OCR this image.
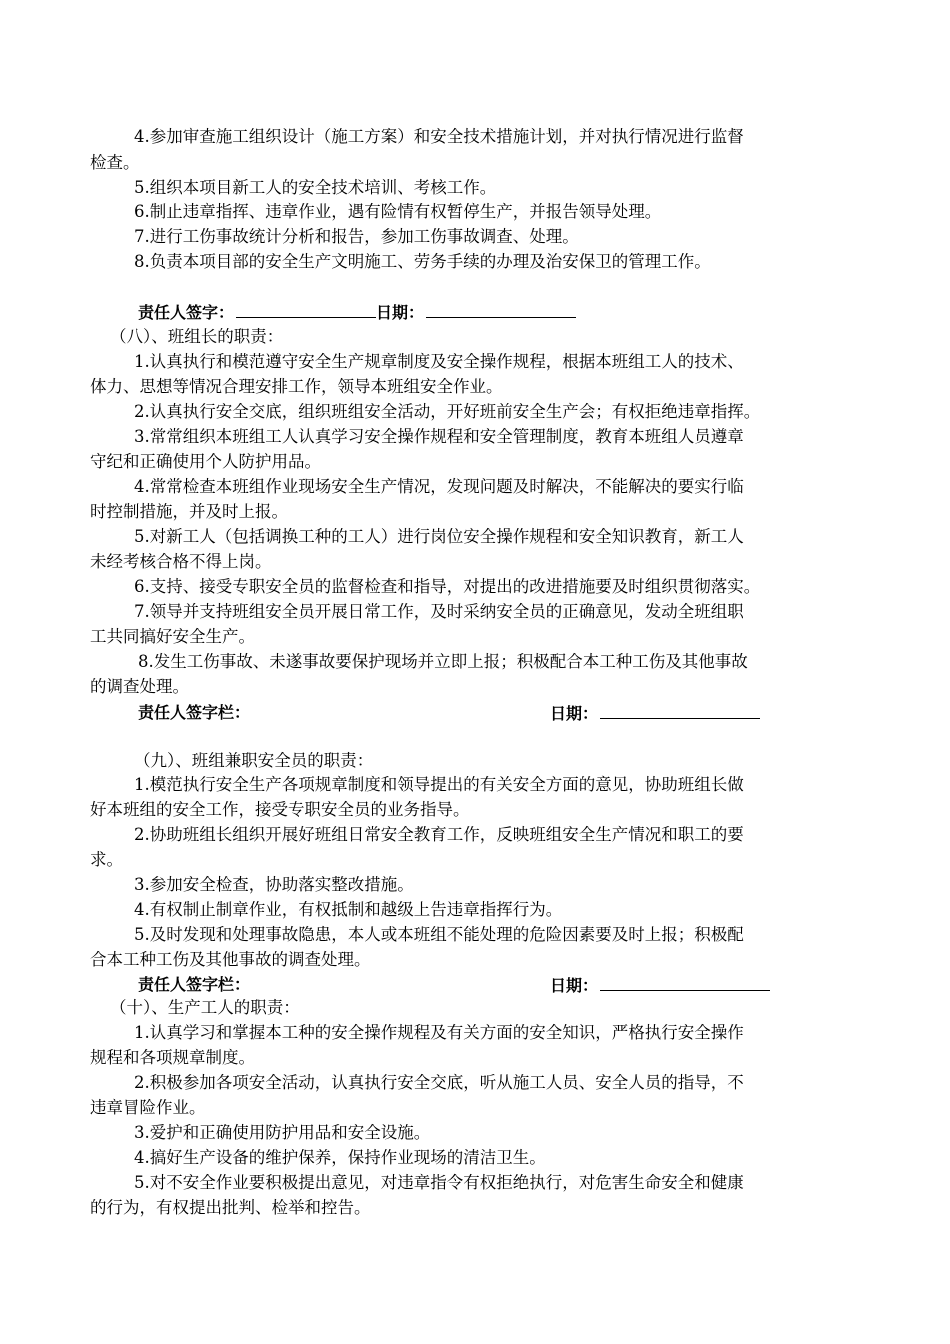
4.参加审查施工组织设计（施工方案）和安全技术措施计划，并对执行情况进行监督
检查。
5.组织本项目新工人的安全技术培训、考核工作。
6.制止违章指挥、违章作业，遇有险情有权暂停生产，并报告领导处理。
7.进行工伤事故统计分析和报告，参加工伤事故调查、处理。
8.负责本项目部的安全生产文明施工、劳务手续的办理及治安保卫的管理工作。
责任人签字：	日期：
（八）、班组长的职责：
1.认真执行和模范遵守安全生产规章制度及安全操作规程，根据本班组工人的技术、
体力、思想等情况合理安排工作，领导本班组安全作业。
2.认真执行安全交底，组织班组安全活动，开好班前安全生产会；有权拒绝违章指挥。
3.常常组织本班组工人认真学习安全操作规程和安全管理制度，教育本班组人员遵章
守纪和正确使用个人防护用品。
4.常常检查本班组作业现场安全生产情况，发现问题及时解决，不能解决的要实行临
时控制措施，并及时上报。
5.对新工人（包括调换工种的工人）进行岗位安全操作规程和安全知识教育，新工人
未经考核合格不得上岗。
6.支持、接受专职安全员的监督检查和指导，对提出的改进措施要及时组织贯彻落实。
7.领导并支持班组安全员开展日常工作，及时采纳安全员的正确意见，发动全班组职
工共同搞好安全生产。
8.发生工伤事故、未遂事故要保护现场并立即上报；积极配合本工种工伤及其他事故
的调查处理。
责任人签字栏：	日期：
（九）、班组兼职安全员的职责：
1.模范执行安全生产各项规章制度和领导提出的有关安全方面的意见，协助班组长做
好本班组的安全工作，接受专职安全员的业务指导。
2.协助班组长组织开展好班组日常安全教育工作，反映班组安全生产情况和职工的要
求。
3.参加安全检查，协助落实整改措施。
4.有权制止制章作业，有权抵制和越级上告违章指挥行为。
5.及时发现和处理事故隐患，本人或本班组不能处理的危险因素要及时上报；积极配
合本工种工伤及其他事故的调查处理。
责任人签字栏：	日期：
（十）、生产工人的职责：
1.认真学习和掌握本工种的安全操作规程及有关方面的安全知识，严格执行安全操作
规程和各项规章制度。
2.积极参加各项安全活动，认真执行安全交底，听从施工人员、安全人员的指导，不
违章冒险作业。
3.爱护和正确使用防护用品和安全设施。
4.搞好生产设备的维护保养，保持作业现场的清洁卫生。
5.对不安全作业要积极提出意见，对违章指令有权拒绝执行，对危害生命安全和健康
的行为，有权提出批判、检举和控告。
